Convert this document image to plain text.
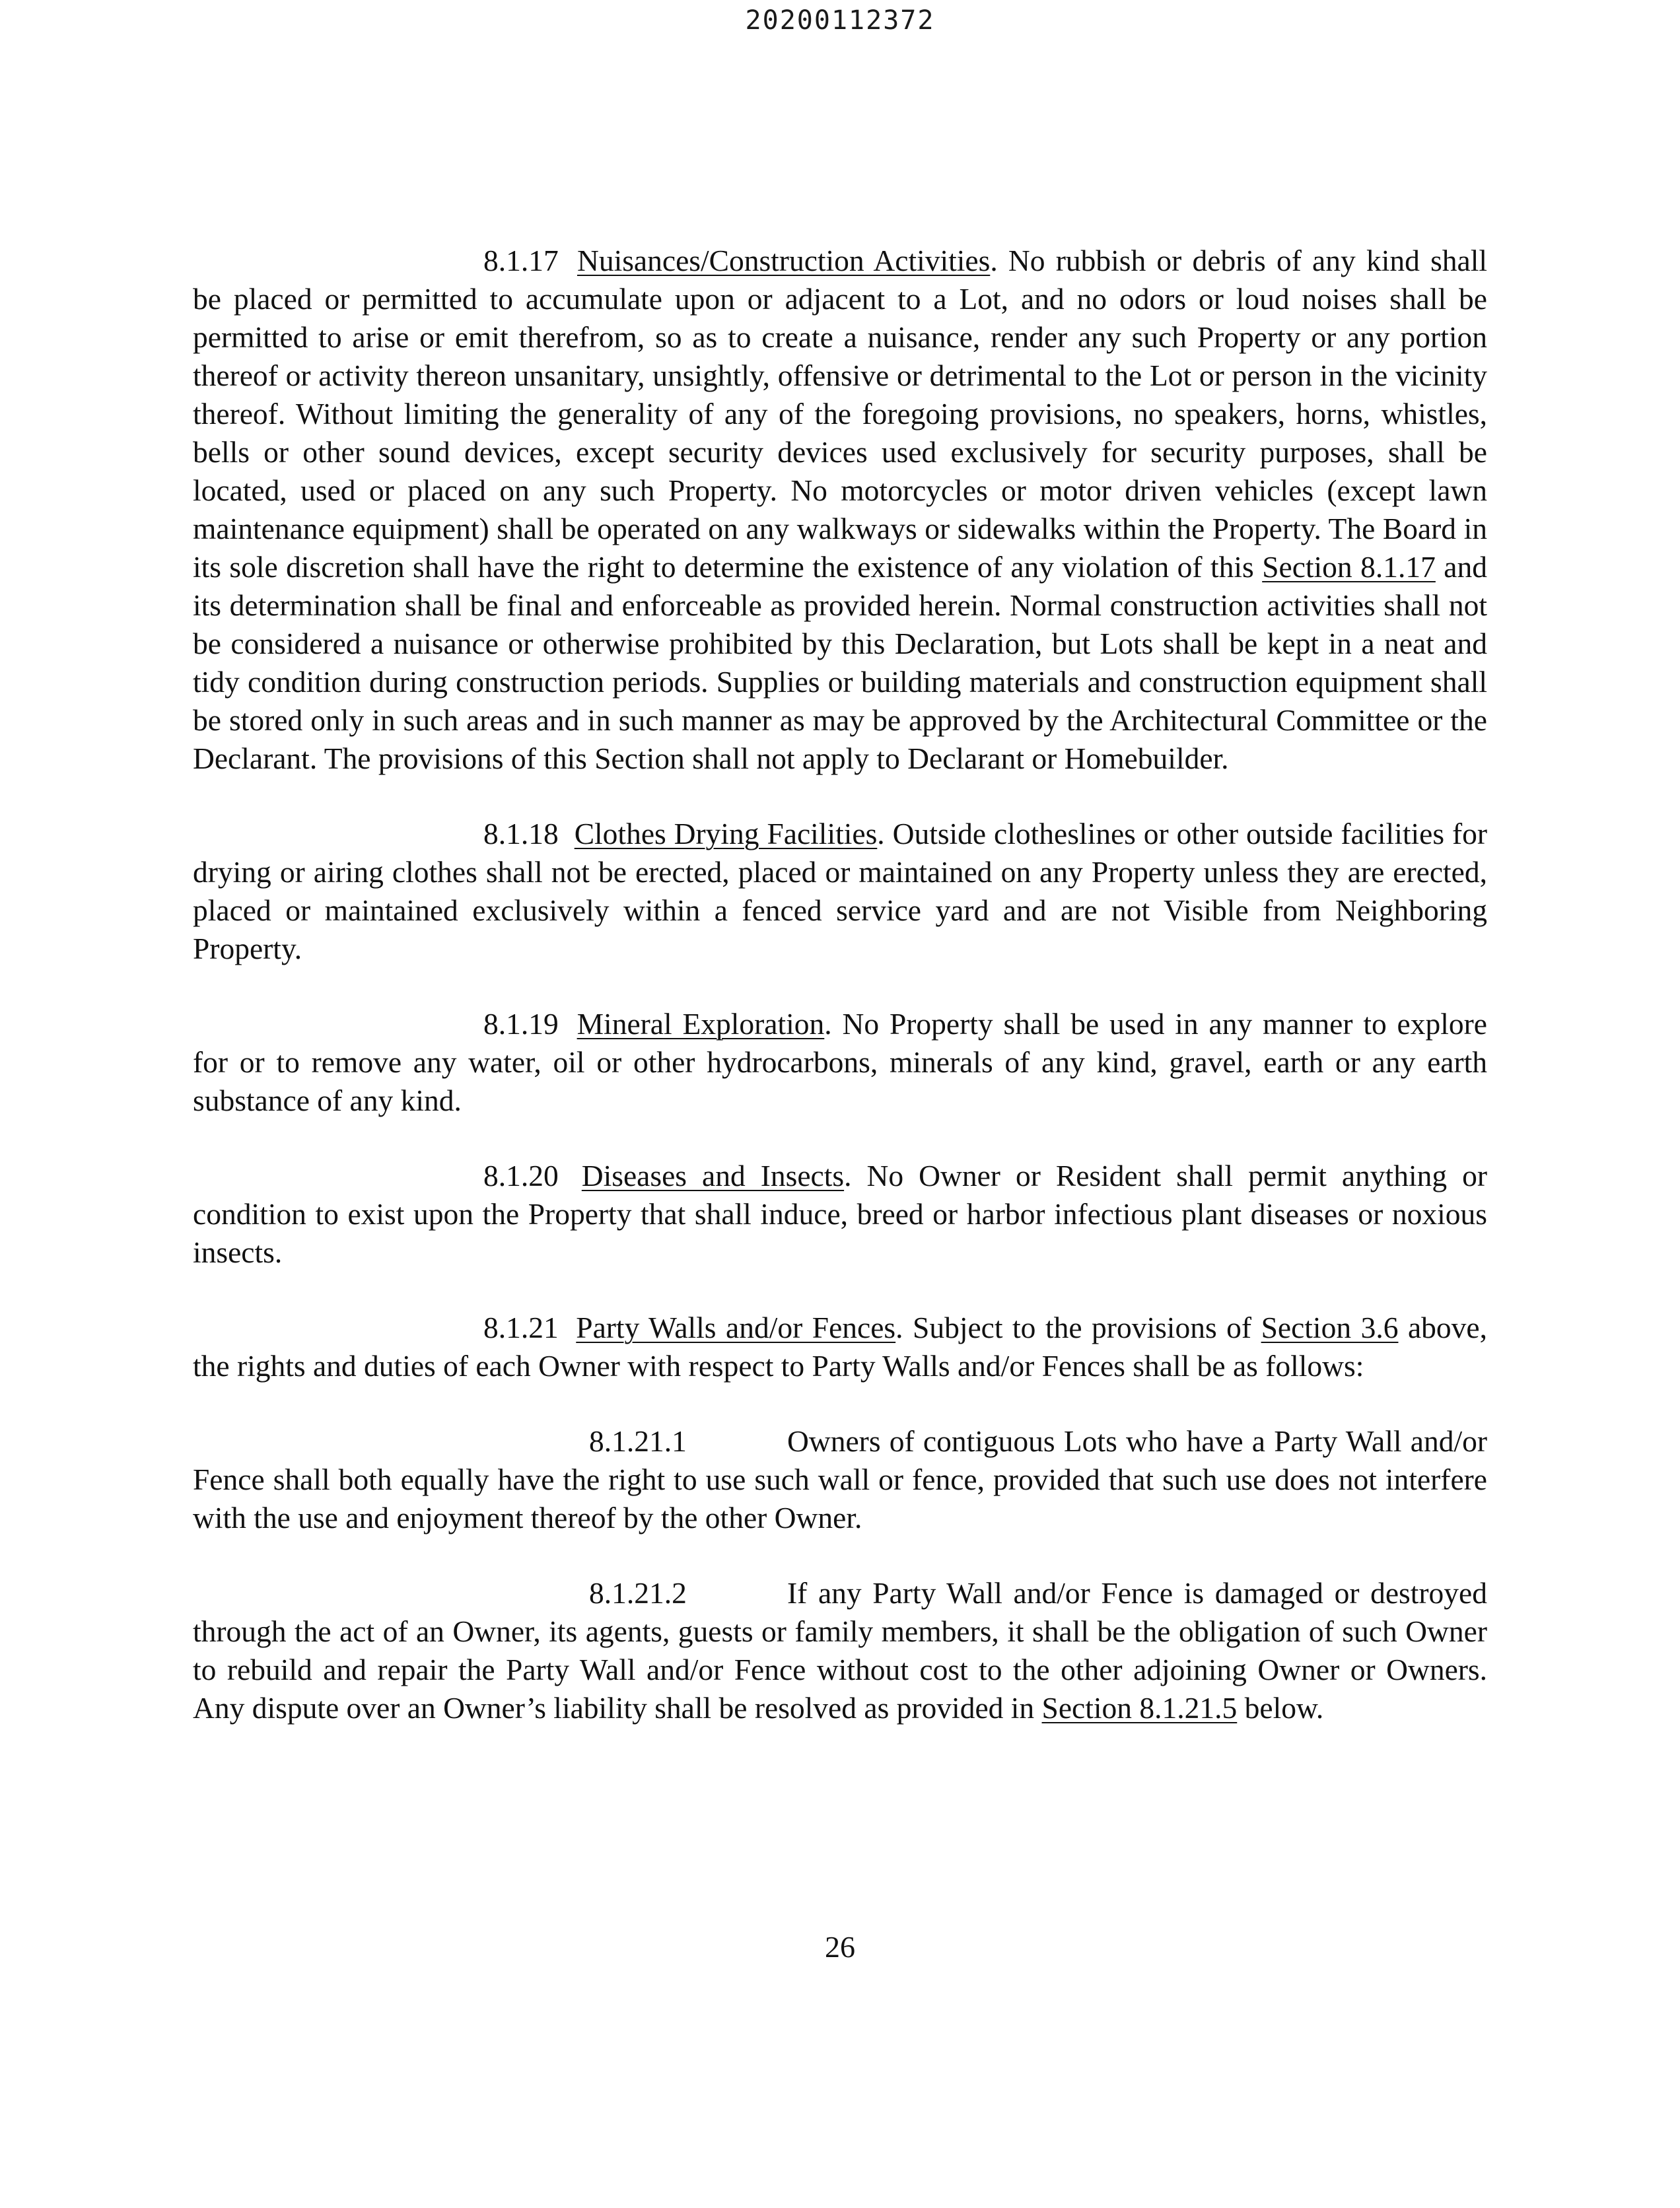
20200112372

8.1.17 Nuisances/Construction Activities. No rubbish or debris of any kind shall be placed or permitted to accumulate upon or adjacent to a Lot, and no odors or loud noises shall be permitted to arise or emit therefrom, so as to create a nuisance, render any such Property or any portion thereof or activity thereon unsanitary, unsightly, offensive or detrimental to the Lot or person in the vicinity thereof. Without limiting the generality of any of the foregoing provisions, no speakers, horns, whistles, bells or other sound devices, except security devices used exclusively for security purposes, shall be located, used or placed on any such Property. No motorcycles or motor driven vehicles (except lawn maintenance equipment) shall be operated on any walkways or sidewalks within the Property. The Board in its sole discretion shall have the right to determine the existence of any violation of this Section 8.1.17 and its determination shall be final and enforceable as provided herein. Normal construction activities shall not be considered a nuisance or otherwise prohibited by this Declaration, but Lots shall be kept in a neat and tidy condition during construction periods. Supplies or building materials and construction equipment shall be stored only in such areas and in such manner as may be approved by the Architectural Committee or the Declarant. The provisions of this Section shall not apply to Declarant or Homebuilder.

8.1.18 Clothes Drying Facilities. Outside clotheslines or other outside facilities for drying or airing clothes shall not be erected, placed or maintained on any Property unless they are erected, placed or maintained exclusively within a fenced service yard and are not Visible from Neighboring Property.

8.1.19 Mineral Exploration. No Property shall be used in any manner to explore for or to remove any water, oil or other hydrocarbons, minerals of any kind, gravel, earth or any earth substance of any kind.

8.1.20 Diseases and Insects. No Owner or Resident shall permit anything or condition to exist upon the Property that shall induce, breed or harbor infectious plant diseases or noxious insects.

8.1.21 Party Walls and/or Fences. Subject to the provisions of Section 3.6 above, the rights and duties of each Owner with respect to Party Walls and/or Fences shall be as follows:

8.1.21.1	Owners of contiguous Lots who have a Party Wall and/or Fence shall both equally have the right to use such wall or fence, provided that such use does not interfere with the use and enjoyment thereof by the other Owner.

8.1.21.2	If any Party Wall and/or Fence is damaged or destroyed through the act of an Owner, its agents, guests or family members, it shall be the obligation of such Owner to rebuild and repair the Party Wall and/or Fence without cost to the other adjoining Owner or Owners. Any dispute over an Owner’s liability shall be resolved as provided in Section 8.1.21.5 below.

26
